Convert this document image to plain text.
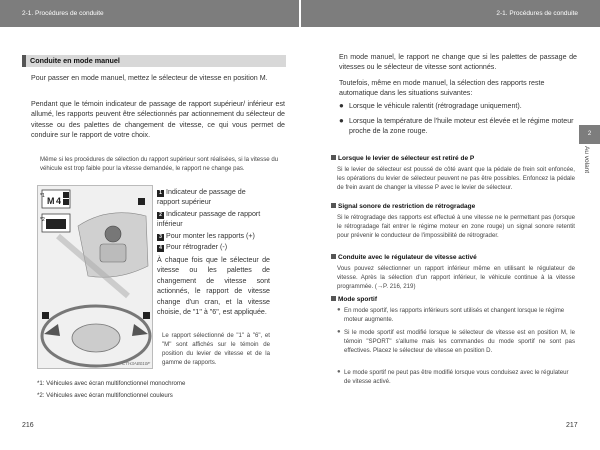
2-1. Procédures de conduite	2-1. Procédures de conduite
Conduite en mode manuel
Pour passer en mode manuel, mettez le sélecteur de vitesse en position M.
Pendant que le témoin indicateur de passage de rapport supérieur/ inférieur est allumé, les rapports peuvent être sélectionnés par actionnement du sélecteur de vitesse ou des palettes de changement de vitesse, ce qui vous permet de conduire sur le rapport de votre choix.
Même si les procédures de sélection du rapport supérieur sont réalisées, si la vitesse du véhicule est trop faible pour la vitesse demandée, le rapport ne change pas.
*1
*2
M 4
CTH3AB010F
1 Indicateur de passage de rapport supérieur
2 Indicateur passage de rapport inférieur
3 Pour monter les rapports (+)
4 Pour rétrograder (-)
À chaque fois que le sélecteur de vitesse ou les palettes de changement de vitesse sont actionnés, le rapport de vitesse change d'un cran, et la vitesse choisie, de "1" à "6", est appliquée.
Le rapport sélectionné de "1" à "6", et "M" sont affichés sur le témoin de position du levier de vitesse et de la gamme de rapports.
*1: Véhicules avec écran multifonctionnel monochrome
*2: Véhicules avec écran multifonctionnel couleurs
216
En mode manuel, le rapport ne change que si les palettes de passage de vitesses ou le sélecteur de vitesse sont actionnés.
Toutefois, même en mode manuel, la sélection des rapports reste automatique dans les situations suivantes:
● Lorsque le véhicule ralentit (rétrogradage uniquement).
● Lorsque la température de l'huile moteur est élevée et le régime moteur proche de la zone rouge.
Lorsque le levier de sélecteur est retiré de P
Si le levier de sélecteur est poussé de côté avant que la pédale de frein soit enfoncée, les opérations du levier de sélecteur peuvent ne pas être possibles. Enfoncez la pédale de frein avant de changer la vitesse P avec le levier de sélecteur.
Signal sonore de restriction de rétrogradage
Si le rétrogradage des rapports est effectué à une vitesse ne le permettant pas (lorsque le rétrogradage fait entrer le régime moteur en zone rouge) un signal sonore retentit pour prévenir le conducteur de l'impossibilité de rétrograder.
Conduite avec le régulateur de vitesse activé
Vous pouvez sélectionner un rapport inférieur même en utilisant le régulateur de vitesse. Après la sélection d'un rapport inférieur, le véhicule continue à la vitesse programmée. (→P. 216, 219)
Mode sportif
● En mode sportif, les rapports inférieurs sont utilisés et changent lorsque le régime moteur augmente.
● Si le mode sportif est modifié lorsque le sélecteur de vitesse est en position M, le témoin "SPORT" s'allume mais les commandes du mode sportif ne sont pas effectives. Placez le sélecteur de vitesse en position D.
● Le mode sportif ne peut pas être modifié lorsque vous conduisez avec le régulateur de vitesse activé.
2
Au volant
217
